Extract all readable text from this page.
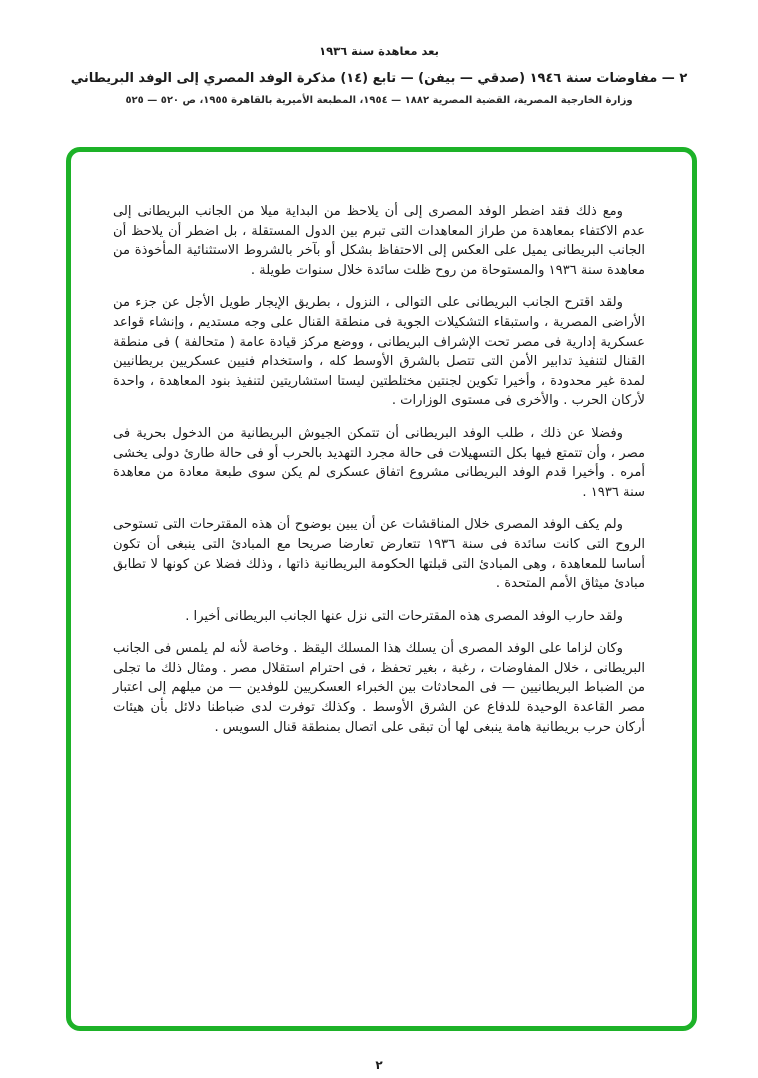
بعد معاهدة سنة ١٩٣٦
٢ — مفاوضات سنة ١٩٤٦ (صدقي — بيفن) — تابع (١٤) مذكرة الوفد المصري إلى الوفد البريطاني
وزارة الخارجية المصرية، القضية المصرية ١٨٨٢ — ١٩٥٤، المطبعة الأميرية بالقاهرة ١٩٥٥، ص ٥٢٠ — ٥٢٥

ومع ذلك فقد اضطر الوفد المصرى إلى أن يلاحظ من البداية ميلا من الجانب البريطانى إلى عدم الاكتفاء بمعاهدة من طراز المعاهدات التى تبرم بين الدول المستقلة ، بل اضطر أن يلاحظ أن الجانب البريطانى يميل على العكس إلى الاحتفاظ بشكل أو بآخر بالشروط الاستثنائية المأخوذة من معاهدة سنة ١٩٣٦ والمستوحاة من روح ظلت سائدة خلال سنوات طويلة .

ولقد اقترح الجانب البريطانى على التوالى ، النزول ، بطريق الإيجار طويل الأجل عن جزء من الأراضى المصرية ، واستبقاء التشكيلات الجوية فى منطقة القنال على وجه مستديم ، وإنشاء قواعد عسكرية إدارية فى مصر تحت الإشراف البريطانى ، ووضع مركز قيادة عامة ( متحالفة ) فى منطقة القنال لتنفيذ تدابير الأمن التى تتصل بالشرق الأوسط كله ، واستخدام فنيين عسكريين بريطانيين لمدة غير محدودة ، وأخيرا تكوين لجنتين مختلطتين ليستا استشاريتين لتنفيذ بنود المعاهدة ، واحدة لأركان الحرب . والأخرى فى مستوى الوزارات .

وفضلا عن ذلك ، طلب الوفد البريطانى أن تتمكن الجيوش البريطانية من الدخول بحرية فى مصر ، وأن تتمتع فيها بكل التسهيلات فى حالة مجرد التهديد بالحرب أو فى حالة طارئ دولى يخشى أمره . وأخيرا قدم الوفد البريطانى مشروع اتفاق عسكرى لم يكن سوى طبعة معادة من معاهدة سنة ١٩٣٦ .

ولم يكف الوفد المصرى خلال المناقشات عن أن يبين بوضوح أن هذه المقترحات التى تستوحى الروح التى كانت سائدة فى سنة ١٩٣٦ تتعارض تعارضا صريحا مع المبادئ التى ينبغى أن تكون أساسا للمعاهدة ، وهى المبادئ التى قبلتها الحكومة البريطانية ذاتها ، وذلك فضلا عن كونها لا تطابق مبادئ ميثاق الأمم المتحدة .

ولقد حارب الوفد المصرى هذه المقترحات التى نزل عنها الجانب البريطانى أخيرا .

وكان لزاما على الوفد المصرى أن يسلك هذا المسلك اليقظ . وخاصة لأنه لم يلمس فى الجانب البريطانى ، خلال المفاوضات ، رغبة ، بغير تحفظ ، فى احترام استقلال مصر . ومثال ذلك ما تجلى من الضباط البريطانيين — فى المحادثات بين الخبراء العسكريين للوفدين — من ميلهم إلى اعتبار مصر القاعدة الوحيدة للدفاع عن الشرق الأوسط . وكذلك توفرت لدى ضباطنا دلائل بأن هيئات أركان حرب بريطانية هامة ينبغى لها أن تبقى على اتصال بمنطقة قنال السويس .

٢
